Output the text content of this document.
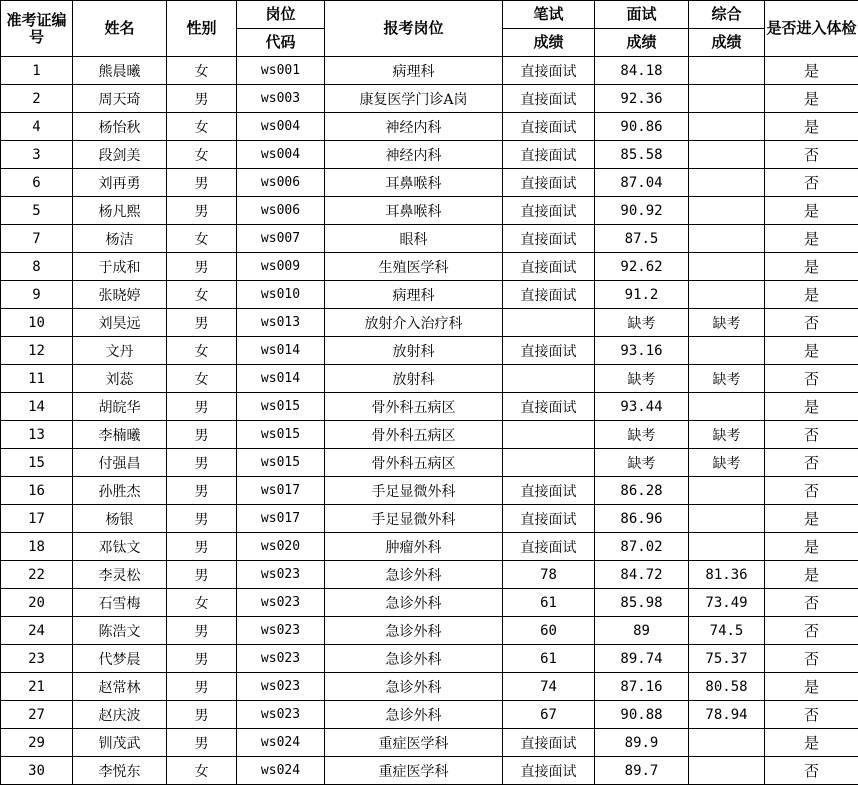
准考证编号	姓名	性别	岗位	报考岗位	笔试	面试	综合	是否进入体检
			代码		成绩	成绩	成绩	
1	熊晨曦	女	ws001	病理科	直接面试	84.18		是
2	周天琦	男	ws003	康复医学门诊A岗	直接面试	92.36		是
4	杨怡秋	女	ws004	神经内科	直接面试	90.86		是
3	段剑美	女	ws004	神经内科	直接面试	85.58		否
6	刘再勇	男	ws006	耳鼻喉科	直接面试	87.04		否
5	杨凡熙	男	ws006	耳鼻喉科	直接面试	90.92		是
7	杨洁	女	ws007	眼科	直接面试	87.5		是
8	于成和	男	ws009	生殖医学科	直接面试	92.62		是
9	张晓婷	女	ws010	病理科	直接面试	91.2		是
10	刘昊远	男	ws013	放射介入治疗科		缺考	缺考	否
12	文丹	女	ws014	放射科	直接面试	93.16		是
11	刘蕊	女	ws014	放射科		缺考	缺考	否
14	胡皖华	男	ws015	骨外科五病区	直接面试	93.44		是
13	李楠曦	男	ws015	骨外科五病区		缺考	缺考	否
15	付强昌	男	ws015	骨外科五病区		缺考	缺考	否
16	孙胜杰	男	ws017	手足显微外科	直接面试	86.28		否
17	杨银	男	ws017	手足显微外科	直接面试	86.96		是
18	邓钛文	男	ws020	肿瘤外科	直接面试	87.02		是
22	李灵松	男	ws023	急诊外科	78	84.72	81.36	是
20	石雪梅	女	ws023	急诊外科	61	85.98	73.49	否
24	陈浩文	男	ws023	急诊外科	60	89	74.5	否
23	代梦晨	男	ws023	急诊外科	61	89.74	75.37	否
21	赵常林	男	ws023	急诊外科	74	87.16	80.58	是
27	赵庆波	男	ws023	急诊外科	67	90.88	78.94	否
29	钏茂武	男	ws024	重症医学科	直接面试	89.9		是
30	李悦东	女	ws024	重症医学科	直接面试	89.7		否
